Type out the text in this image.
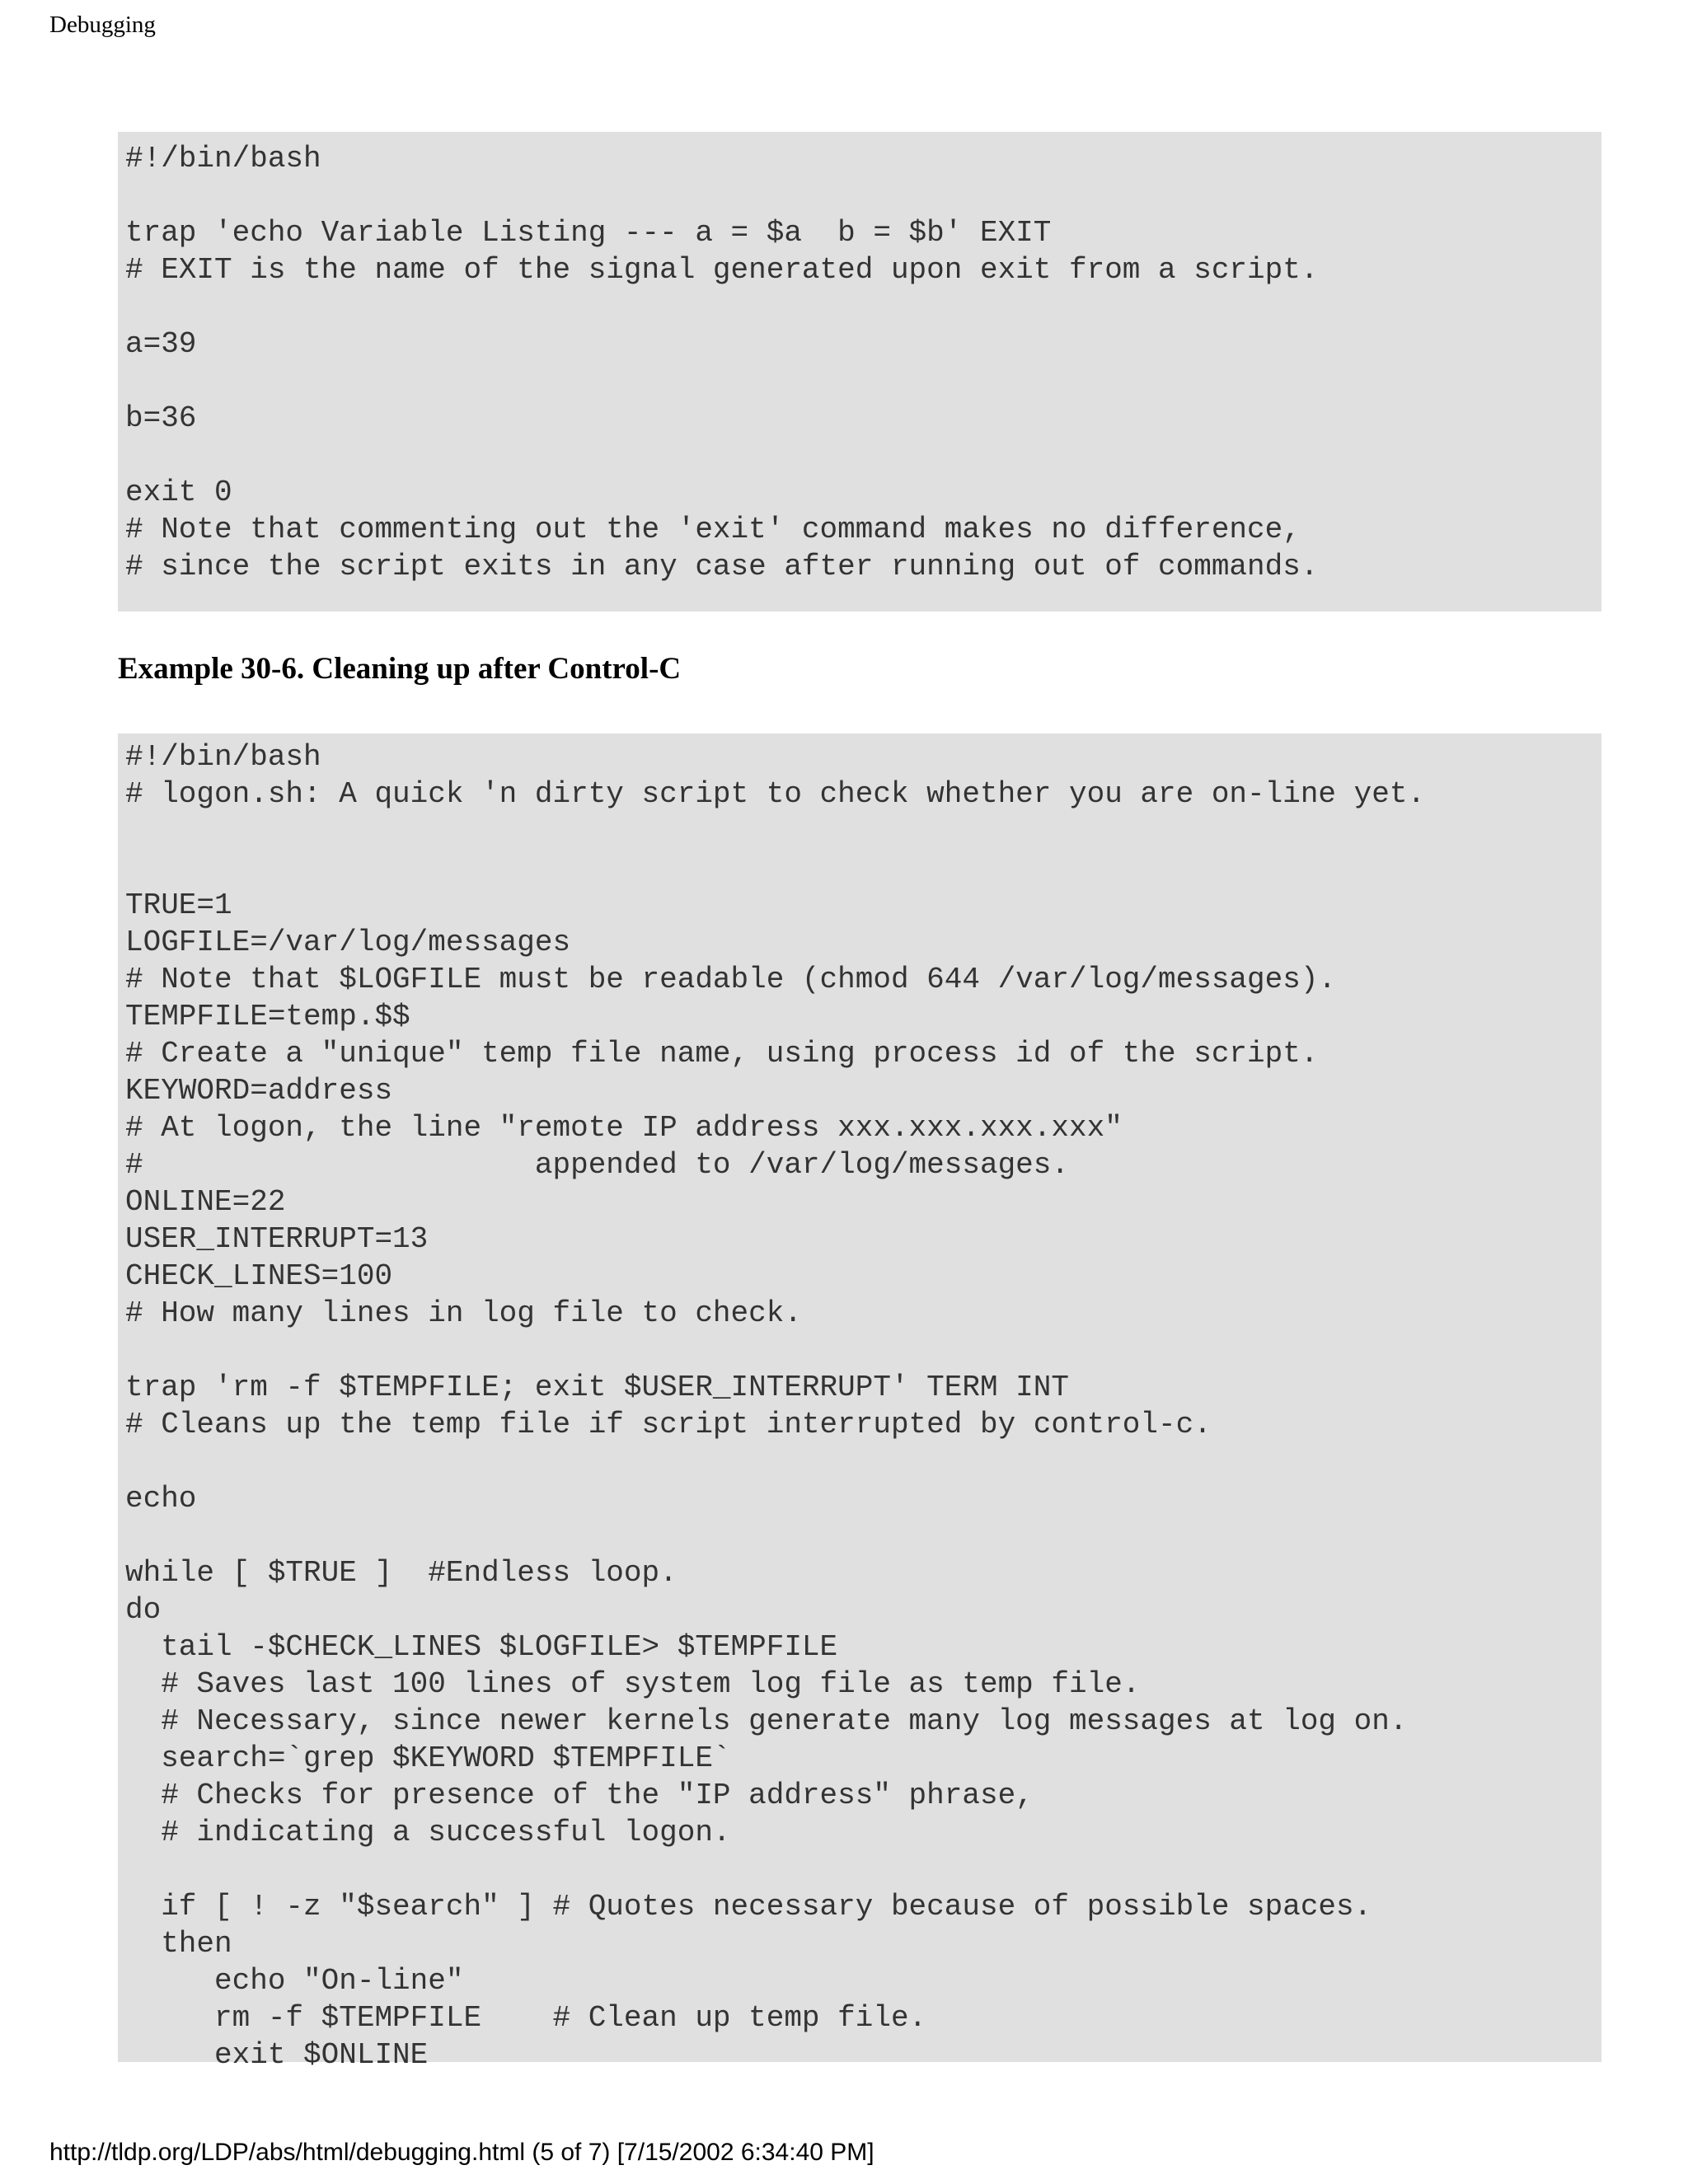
Debugging
#!/bin/bash

trap 'echo Variable Listing --- a = $a  b = $b' EXIT
# EXIT is the name of the signal generated upon exit from a script.

a=39

b=36

exit 0
# Note that commenting out the 'exit' command makes no difference,
# since the script exits in any case after running out of commands.
Example 30-6. Cleaning up after Control-C
#!/bin/bash
# logon.sh: A quick 'n dirty script to check whether you are on-line yet.

TRUE=1
LOGFILE=/var/log/messages
# Note that $LOGFILE must be readable (chmod 644 /var/log/messages).
TEMPFILE=temp.$$
# Create a "unique" temp file name, using process id of the script.
KEYWORD=address
# At logon, the line "remote IP address xxx.xxx.xxx.xxx"
#                      appended to /var/log/messages.
ONLINE=22
USER_INTERRUPT=13
CHECK_LINES=100
# How many lines in log file to check.

trap 'rm -f $TEMPFILE; exit $USER_INTERRUPT' TERM INT
# Cleans up the temp file if script interrupted by control-c.

echo

while [ $TRUE ]  #Endless loop.
do
tail -$CHECK_LINES $LOGFILE> $TEMPFILE
# Saves last 100 lines of system log file as temp file.
# Necessary, since newer kernels generate many log messages at log on.
search=`grep $KEYWORD $TEMPFILE`
# Checks for presence of the "IP address" phrase,
# indicating a successful logon.

if [ ! -z "$search" ] # Quotes necessary because of possible spaces.
then
echo "On-line"
rm -f $TEMPFILE    # Clean up temp file.
exit $ONLINE
http://tldp.org/LDP/abs/html/debugging.html (5 of 7) [7/15/2002 6:34:40 PM]
